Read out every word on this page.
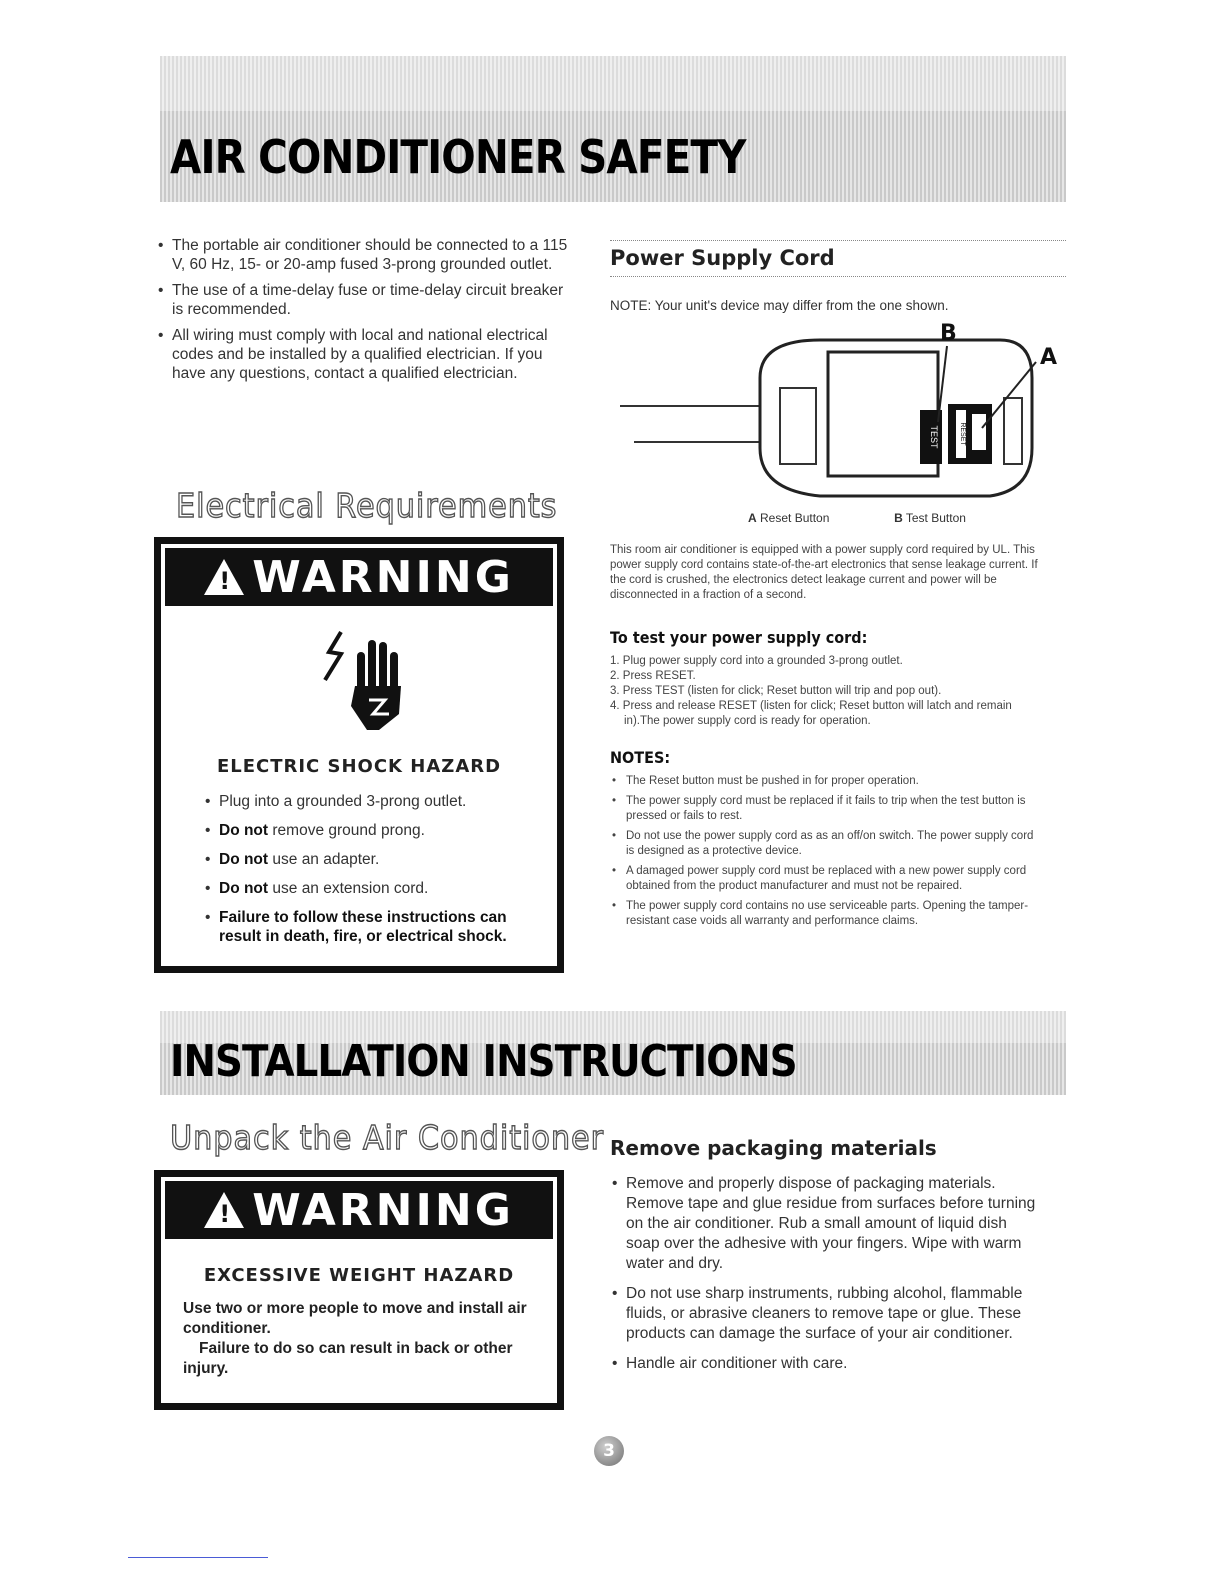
AIR CONDITIONER SAFETY
• The portable air conditioner should be connected to a 115 V, 60 Hz, 15- or 20-amp fused 3-prong grounded outlet.
• The use of a time-delay fuse or time-delay circuit breaker is recommended.
• All wiring must comply with local and national electrical codes and be installed by a qualified electrician. If you have any questions, contact a qualified electrician.
Electrical Requirements
!
WARNING
ELECTRIC SHOCK HAZARD
• Plug into a grounded 3-prong outlet.
• Do not remove ground prong.
• Do not use an adapter.
• Do not use an extension cord.
• Failure to follow these instructions can result in death, fire, or electrical shock.
Power Supply Cord
NOTE: Your unit's device may differ from the one shown.
TEST	RESET
B
A
A Reset Button	B Test Button
This room air conditioner is equipped with a power supply cord required by UL. This power supply cord contains state-of-the-art electronics that sense leakage current. If the cord is crushed, the electronics detect leakage current and power will be disconnected in a fraction of a second.
To test your power supply cord:
1. Plug power supply cord into a grounded 3-prong outlet.
2. Press RESET.
3. Press TEST (listen for click; Reset button will trip and pop out).
4. Press and release RESET (listen for click; Reset button will latch and remain in).The power supply cord is ready for operation.
NOTES:
• The Reset button must be pushed in for proper operation.
• The power supply cord must be replaced if it fails to trip when the test button is pressed or fails to rest.
• Do not use the power supply cord as as an off/on switch. The power supply cord is designed as a protective device.
• A damaged power supply cord must be replaced with a new power supply cord obtained from the product manufacturer and must not be repaired.
• The power supply cord contains no use serviceable parts. Opening the tamper-resistant case voids all warranty and performance claims.
INSTALLATION INSTRUCTIONS
Unpack the Air Conditioner
!
WARNING
EXCESSIVE WEIGHT HAZARD
Use two or more people to move and install air conditioner.
Failure to do so can result in back or other injury.
Remove packaging materials
• Remove and properly dispose of packaging materials. Remove tape and glue residue from surfaces before turning on the air conditioner. Rub a small amount of liquid dish soap over the adhesive with your fingers. Wipe with warm water and dry.
• Do not use sharp instruments, rubbing alcohol, flammable fluids, or abrasive cleaners to remove tape or glue. These products can damage the surface of your air conditioner.
• Handle air conditioner with care.
3
